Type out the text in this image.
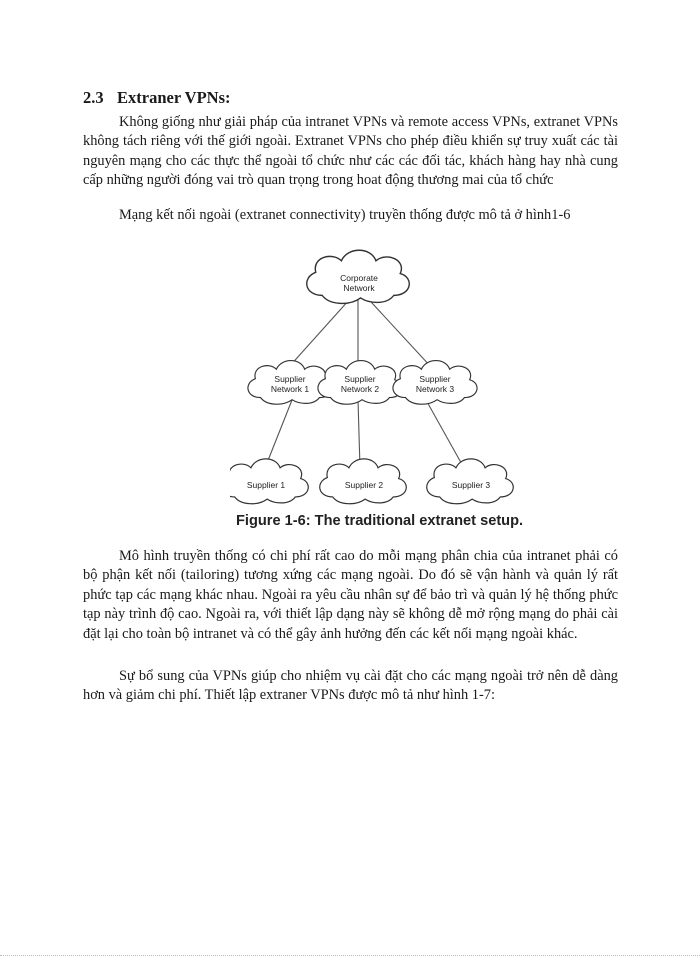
2.3 Extraner VPNs:

Không giống như giải pháp của intranet VPNs và remote access VPNs, extranet VPNs không tách riêng với thế giới ngoài. Extranet VPNs cho phép điều khiển sự truy xuất các tài nguyên mạng cho các thực thể ngoài tổ chức như các các đối tác, khách hàng hay nhà cung cấp những người đóng vai trò quan trọng trong hoat động thương mai của tổ chức

Mạng kết nối ngoài (extranet connectivity) truyền thống được mô tả ở hình1-6

Corporate
Network
Supplier
Network 1
Supplier
Network 2
Supplier
Network 3
Supplier 1	Supplier 2	Supplier 3

Figure 1-6: The traditional extranet setup.

Mô hình truyền thống có chi phí rất cao do mỗi mạng phân chia của intranet phải có bộ phận kết nối (tailoring) tương xứng các mạng ngoài. Do đó sẽ vận hành và quản lý rất phức tạp các mạng khác nhau. Ngoài ra yêu cầu nhân sự để bảo trì và quản lý hệ thống phức tạp này trình độ cao. Ngoài ra, với thiết lập dạng này sẽ không dễ mở rộng mạng do phải cài đặt lại cho toàn bộ intranet và có thể gây ảnh hưởng đến các kết nối mạng ngoài khác.

Sự bổ sung của VPNs giúp cho nhiệm vụ cài đặt cho các mạng ngoài trở nên dễ dàng hơn và giảm chi phí. Thiết lập extraner VPNs được mô tả như hình 1-7:
